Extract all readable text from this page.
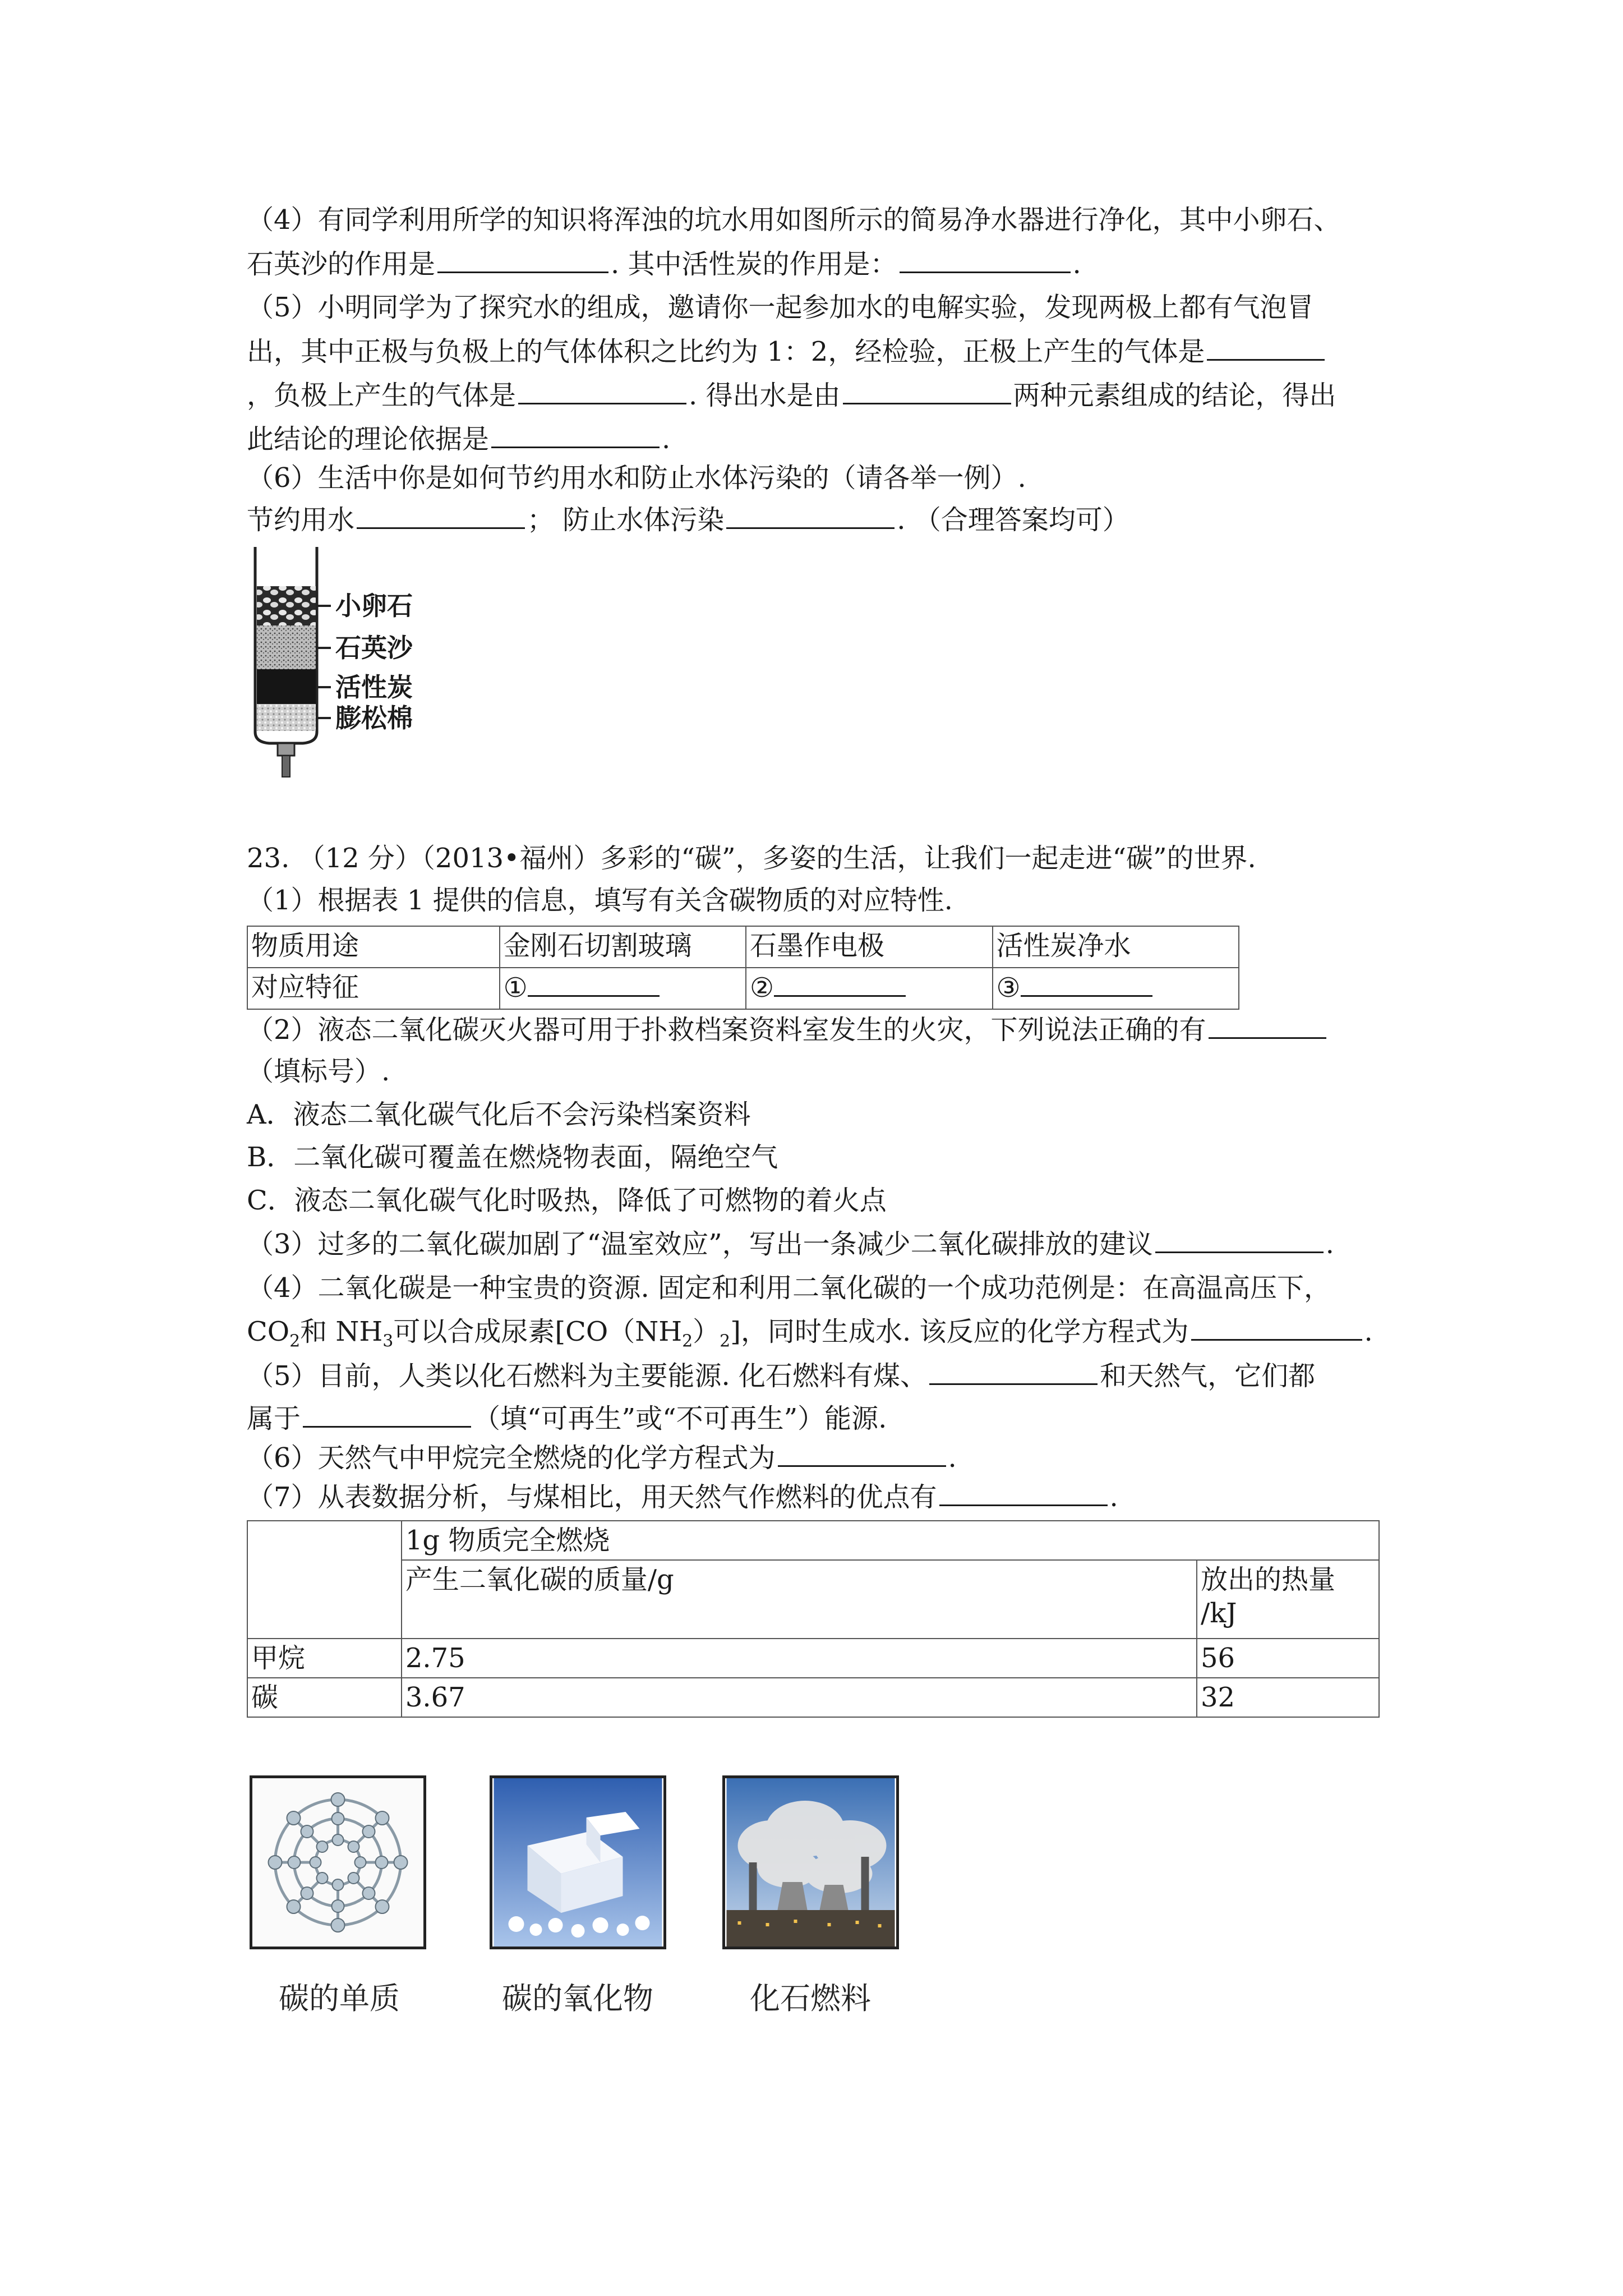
（4）有同学利用所学的知识将浑浊的坑水用如图所示的简易净水器进行净化，其中小卵石、
石英沙的作用是	. 其中活性炭的作用是：	.
（5）小明同学为了探究水的组成，邀请你一起参加水的电解实验，发现两极上都有气泡冒
出，其中正极与负极上的气体体积之比约为 1：2，经检验，正极上产生的气体是
，负极上产生的气体是	. 得出水是由	两种元素组成的结论，得出
此结论的理论依据是	.
（6）生活中你是如何节约用水和防止水体污染的（请各举一例）.
节约用水	； 防止水体污染	. （合理答案均可）
小卵石
石英沙
活性炭
膨松棉
23. （12 分）（2013•福州）多彩的“碳”，多姿的生活，让我们一起走进“碳”的世界.
（1）根据表 1 提供的信息，填写有关含碳物质的对应特性.
物质用途	金刚石切割玻璃	石墨作电极	活性炭净水
对应特征	①	②	③
（2）液态二氧化碳灭火器可用于扑救档案资料室发生的火灾，下列说法正确的有
（填标号）.
A．液态二氧化碳气化后不会污染档案资料
B．二氧化碳可覆盖在燃烧物表面，隔绝空气
C．液态二氧化碳气化时吸热，降低了可燃物的着火点
（3）过多的二氧化碳加剧了“温室效应”，写出一条减少二氧化碳排放的建议	.
（4）二氧化碳是一种宝贵的资源. 固定和利用二氧化碳的一个成功范例是：在高温高压下，
$CO_2$和 $NH_3$可以合成尿素$[CO(NH_2)_2]$，同时生成水. 该反应的化学方程式为	.
（5）目前，人类以化石燃料为主要能源. 化石燃料有煤、	和天然气，它们都
属于	（填“可再生”或“不可再生”）能源.
（6）天然气中甲烷完全燃烧的化学方程式为	.
（7）从表数据分析，与煤相比，用天然气作燃料的优点有	.
	1g 物质完全燃烧	
	产生二氧化碳的质量/g	放出的热量
/kJ

甲烷	2.75	56
碳	3.67	32
碳的单质	碳的氧化物	化石燃料
